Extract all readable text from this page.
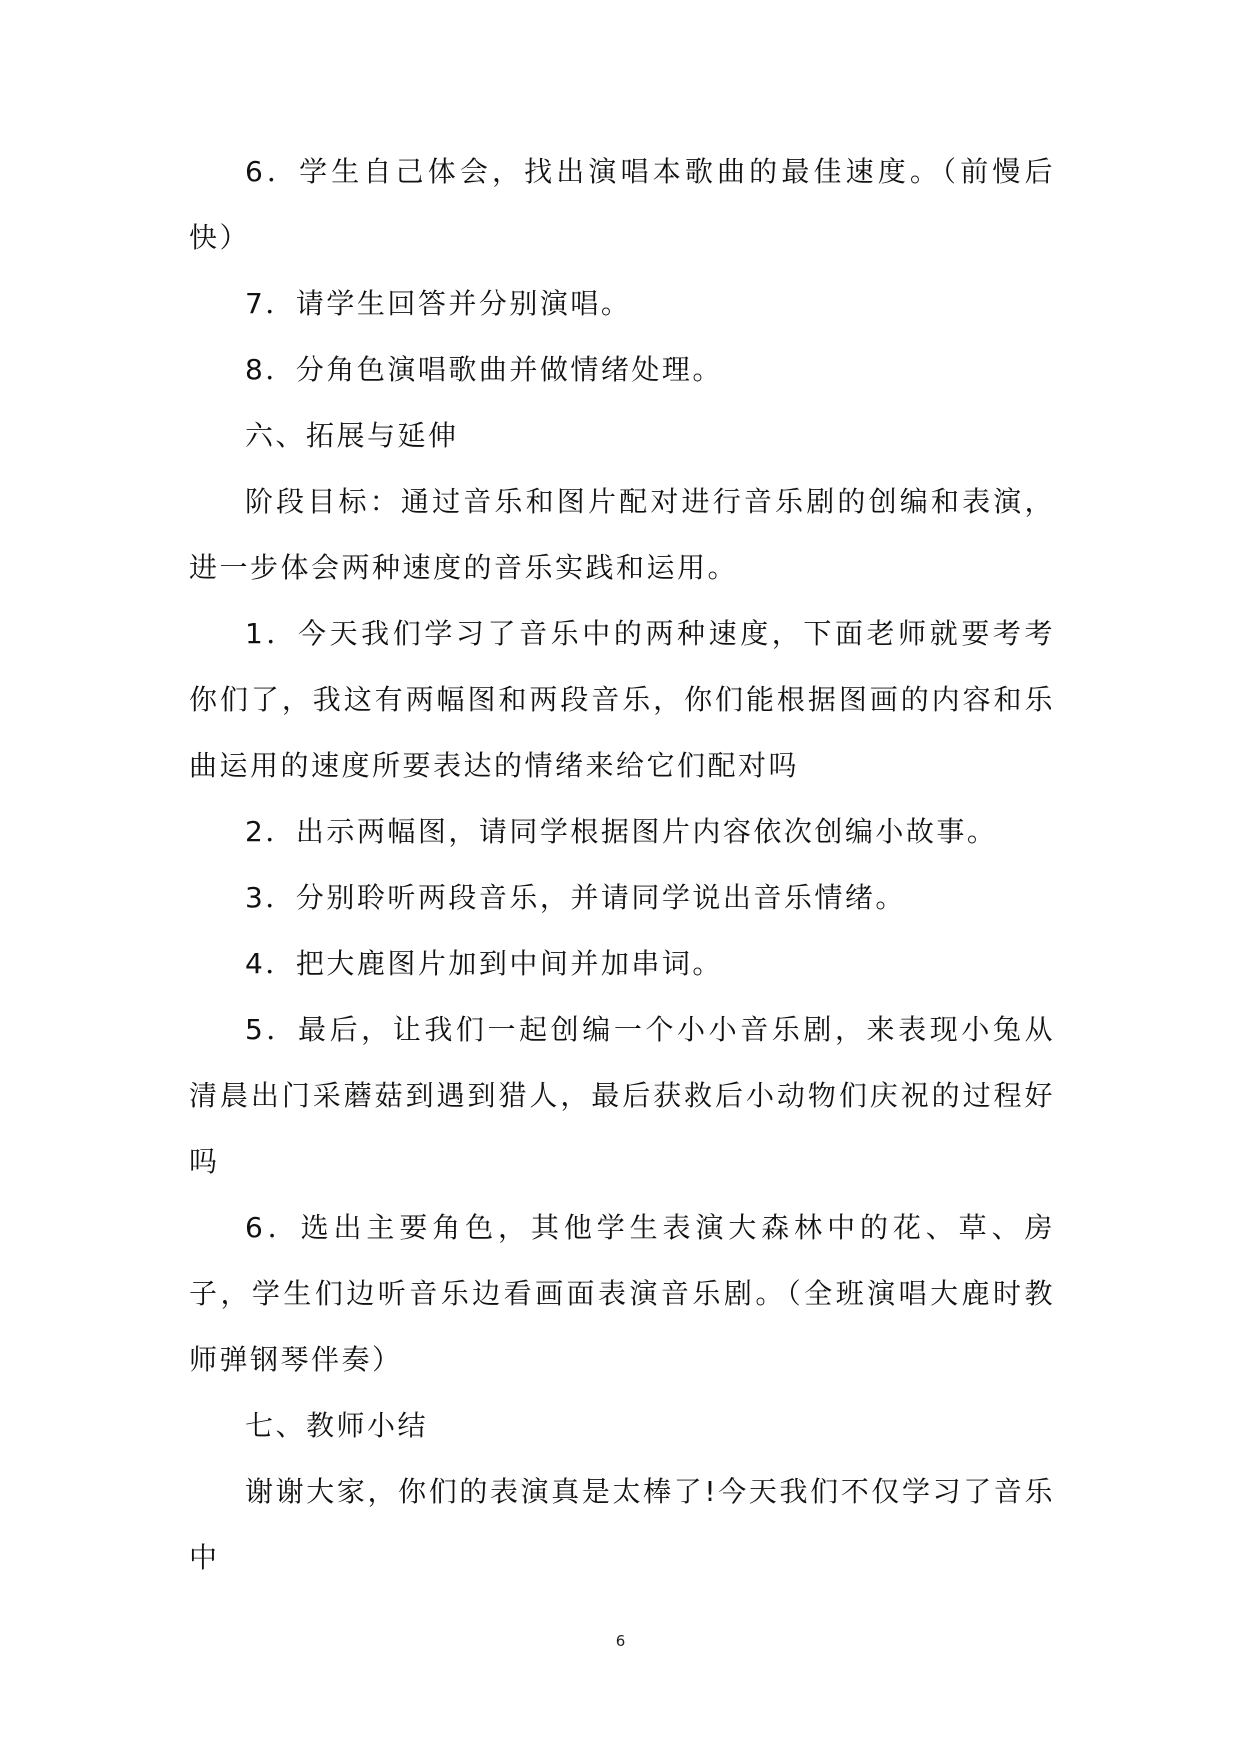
6．学生自己体会，找出演唱本歌曲的最佳速度。（前慢后快）

7．请学生回答并分别演唱。

8．分角色演唱歌曲并做情绪处理。

六、拓展与延伸

阶段目标：通过音乐和图片配对进行音乐剧的创编和表演，进一步体会两种速度的音乐实践和运用。

1．今天我们学习了音乐中的两种速度，下面老师就要考考你们了，我这有两幅图和两段音乐，你们能根据图画的内容和乐曲运用的速度所要表达的情绪来给它们配对吗

2．出示两幅图，请同学根据图片内容依次创编小故事。

3．分别聆听两段音乐，并请同学说出音乐情绪。

4．把大鹿图片加到中间并加串词。

5．最后，让我们一起创编一个小小音乐剧，来表现小兔从清晨出门采蘑菇到遇到猎人，最后获救后小动物们庆祝的过程好吗

6．选出主要角色，其他学生表演大森林中的花、草、房子，学生们边听音乐边看画面表演音乐剧。（全班演唱大鹿时教师弹钢琴伴奏）

七、教师小结

谢谢大家，你们的表演真是太棒了!今天我们不仅学习了音乐中

6
